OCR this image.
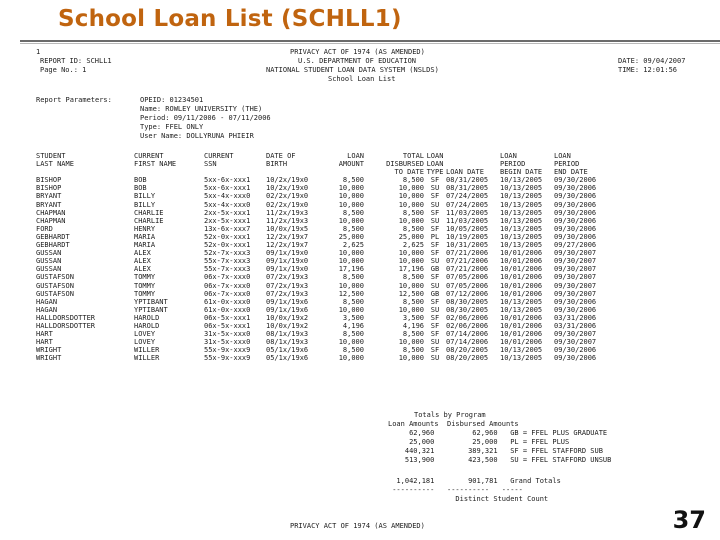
School Loan List (SCHLL1)

1

REPORT ID: SCHLL1

Page No.: 1

PRIVACY ACT OF 1974 (AS AMENDED)

U.S. DEPARTMENT OF EDUCATION

NATIONAL STUDENT LOAN DATA SYSTEM (NSLDS)

School Loan List

DATE: 09/04/2007

TIME: 12:01:56

Report Parameters:

	OPEID: 01234501

Name: ROWLEY UNIVERSITY (THE)

Period: 09/11/2006 - 07/11/2006

Type: FFEL ONLY

User Name: DOLLYRUNA PHIEIR

STUDENT	CURRENT	CURRENT	DATE OF	LOAN	TOTAL	LOAN		LOAN	LOAN
LAST NAME	FIRST NAME	SSN	BIRTH	AMOUNT	DISBURSED	LOAN		PERIOD	PERIOD
					TO DATE	TYPE	LOAN DATE	BEGIN DATE	END DATE
BISHOP	BOB	5xx-6x-xxx1	10/2x/19x0	8,500	8,500	SF	08/31/2005	10/13/2005	09/30/2006
BISHOP	BOB	5xx-6x-xxx1	10/2x/19x0	10,000	10,000	SU	08/31/2005	10/13/2005	09/30/2006
BRYANT	BILLY	5xx-4x-xxx0	02/2x/19x0	10,000	10,000	SF	07/24/2005	10/13/2005	09/30/2006
BRYANT	BILLY	5xx-4x-xxx0	02/2x/19x0	10,000	10,000	SU	07/24/2005	10/13/2005	09/30/2006
CHAPMAN	CHARLIE	2xx-5x-xxx1	11/2x/19x3	8,500	8,500	SF	11/03/2005	10/13/2005	09/30/2006
CHAPMAN	CHARLIE	2xx-5x-xxx1	11/2x/19x3	10,000	10,000	SU	11/03/2005	10/13/2005	09/30/2006
FORD	HENRY	13x-6x-xxx7	10/0x/19x5	8,500	8,500	SF	10/05/2005	10/13/2005	09/30/2006
GEBHARDT	MARIA	52x-0x-xxx1	12/2x/19x7	25,000	25,000	PL	10/19/2005	10/13/2005	09/30/2006
GEBHARDT	MARIA	52x-0x-xxx1	12/2x/19x7	2,625	2,625	SF	10/31/2005	10/13/2005	09/27/2006
GUSSAN	ALEX	52x-7x-xxx3	09/1x/19x0	10,000	10,000	SF	07/21/2006	10/01/2006	09/30/2007
GUSSAN	ALEX	55x-7x-xxx3	09/1x/19x0	10,000	10,000	SU	07/21/2006	10/01/2006	09/30/2007
GUSSAN	ALEX	55x-7x-xxx3	09/1x/19x0	17,196	17,196	GB	07/21/2006	10/01/2006	09/30/2007
GUSTAFSON	TOMMY	06x-7x-xxx0	07/2x/19x3	8,500	8,500	SF	07/05/2006	10/01/2006	09/30/2007
GUSTAFSON	TOMMY	06x-7x-xxx0	07/2x/19x3	10,000	10,000	SU	07/05/2006	10/01/2006	09/30/2007
GUSTAFSON	TOMMY	06x-7x-xxx0	07/2x/19x3	12,500	12,500	GB	07/12/2006	10/01/2006	09/30/2007
HAGAN	YPTIBANT	61x-0x-xxx0	09/1x/19x6	8,500	8,500	SF	08/30/2005	10/13/2005	09/30/2006
HAGAN	YPTIBANT	61x-0x-xxx0	09/1x/19x6	10,000	10,000	SU	08/30/2005	10/13/2005	09/30/2006
HALLDORSDOTTER	HAROLD	06x-5x-xxx1	10/0x/19x2	3,500	3,500	SF	02/06/2006	10/01/2006	03/31/2006
HALLDORSDOTTER	HAROLD	06x-5x-xxx1	10/0x/19x2	4,196	4,196	SF	02/06/2006	10/01/2006	03/31/2006
HART	LOVEY	31x-5x-xxx0	08/1x/19x3	8,500	8,500	SF	07/14/2006	10/01/2006	09/30/2007
HART	LOVEY	31x-5x-xxx0	08/1x/19x3	10,000	10,000	SU	07/14/2006	10/01/2006	09/30/2007
WRIGHT	WILLER	55x-9x-xxx9	05/1x/19x6	8,500	8,500	SF	08/20/2005	10/13/2005	09/30/2006
WRIGHT	WILLER	55x-9x-xxx9	05/1x/19x6	10,000	10,000	SU	08/20/2005	10/13/2005	09/30/2006

Totals by Program

Loan Amounts  Disbursed Amounts

62,960         62,960   GB = FFEL PLUS GRADUATE

25,000         25,000   PL = FFEL PLUS

440,321        389,321   SF = FFEL STAFFORD SUB

513,900        423,500   SU = FFEL STAFFORD UNSUB

1,042,181        901,781   Grand Totals

----------   ----------   -----

Distinct Student Count

PRIVACY ACT OF 1974 (AS AMENDED)	37
